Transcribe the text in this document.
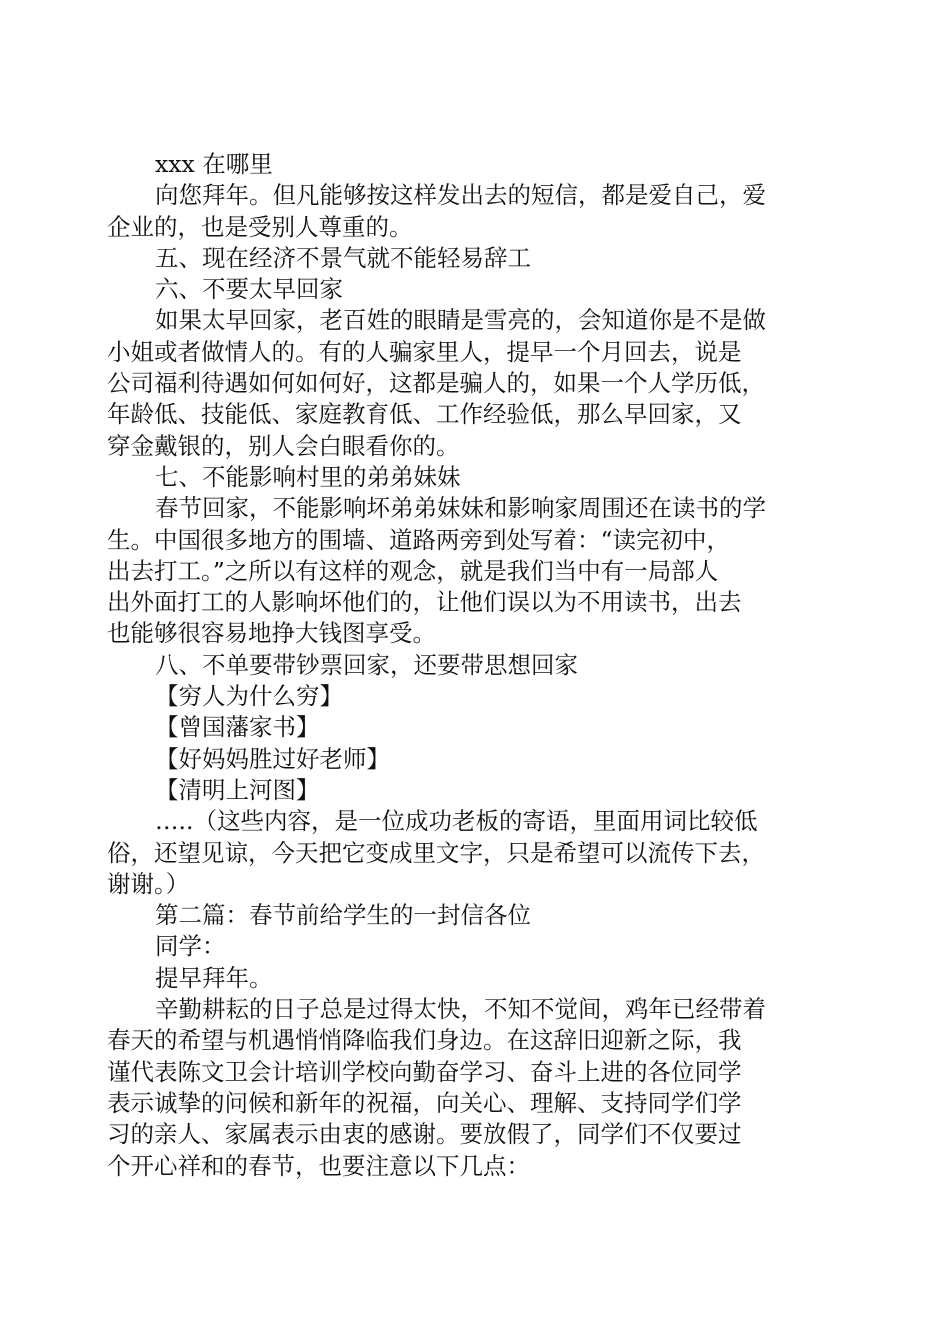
xxx 在哪里
向您拜年。但凡能够按这样发出去的短信，都是爱自己，爱
企业的，也是受别人尊重的。
五、现在经济不景气就不能轻易辞工
六、不要太早回家
如果太早回家，老百姓的眼睛是雪亮的，会知道你是不是做
小姐或者做情人的。有的人骗家里人，提早一个月回去，说是
公司福利待遇如何如何好，这都是骗人的，如果一个人学历低，
年龄低、技能低、家庭教育低、工作经验低，那么早回家，又
穿金戴银的，别人会白眼看你的。
七、不能影响村里的弟弟妹妹
春节回家，不能影响坏弟弟妹妹和影响家周围还在读书的学
生。中国很多地方的围墙、道路两旁到处写着：“读完初中，
出去打工。”之所以有这样的观念，就是我们当中有一局部人
出外面打工的人影响坏他们的，让他们误以为不用读书，出去
也能够很容易地挣大钱图享受。
八、不单要带钞票回家，还要带思想回家
【穷人为什么穷】
【曾国藩家书】
【好妈妈胜过好老师】
【清明上河图】
…..（这些内容，是一位成功老板的寄语，里面用词比较低
俗，还望见谅，今天把它变成里文字，只是希望可以流传下去，
谢谢。）
第二篇：春节前给学生的一封信各位
同学：
提早拜年。
辛勤耕耘的日子总是过得太快，不知不觉间，鸡年已经带着
春天的希望与机遇悄悄降临我们身边。在这辞旧迎新之际，我
谨代表陈文卫会计培训学校向勤奋学习、奋斗上进的各位同学
表示诚挚的问候和新年的祝福，向关心、理解、支持同学们学
习的亲人、家属表示由衷的感谢。要放假了，同学们不仅要过
个开心祥和的春节，也要注意以下几点：
